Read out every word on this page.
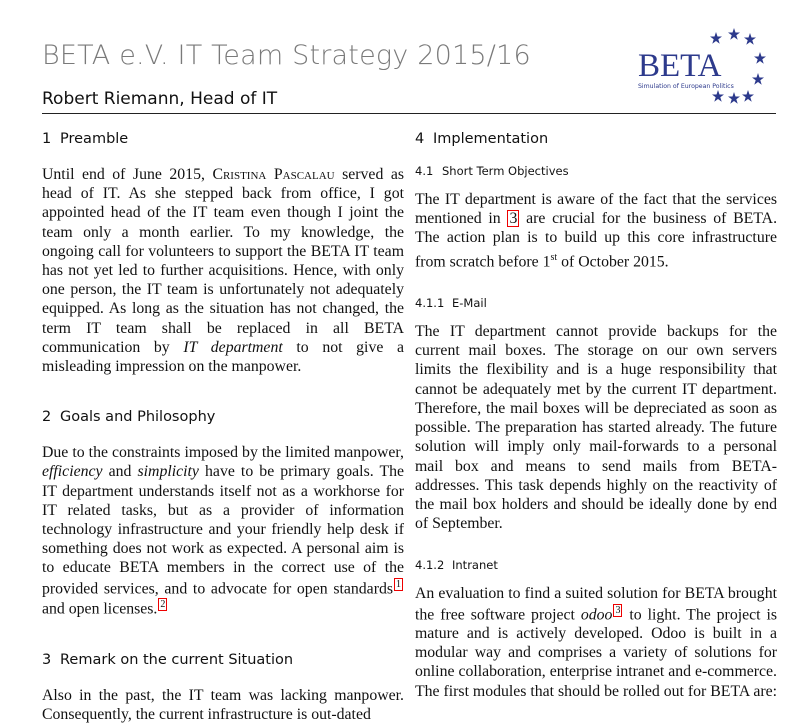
BETA e.V. IT Team Strategy 2015/16
Robert Riemann, Head of IT
BETA
Simulation of European Politics
1 Preamble

Until end of June 2015, Cristina Pascalau served as head of IT. As she stepped back from office, I got appointed head of the IT team even though I joint the team only a month earlier. To my knowledge, the ongoing call for volunteers to support the BETA IT team has not yet led to further acquisitions. Hence, with only one person, the IT team is unfortunately not adequately equipped. As long as the situation has not changed, the term IT team shall be replaced in all BETA communication by IT department to not give a misleading impression on the manpower.

2 Goals and Philosophy

Due to the constraints imposed by the limited manpower, efficiency and simplicity have to be primary goals. The IT department understands itself not as a workhorse for IT related tasks, but as a provider of information technology infrastructure and your friendly help desk if something does not work as expected. A personal aim is to educate BETA members in the correct use of the provided services, and to advocate for open standards 1 and open licenses. 2

3 Remark on the current Situation

Also in the past, the IT team was lacking manpower. Consequently, the current infrastructure is out-dated

4 Implementation
4.1 Short Term Objectives

The IT department is aware of the fact that the services mentioned in 3 are crucial for the business of BETA. The action plan is to build up this core infrastructure from scratch before 1st of October 2015.

4.1.1 E-Mail

The IT department cannot provide backups for the current mail boxes. The storage on our own servers limits the flexibility and is a huge responsibility that cannot be adequately met by the current IT department. Therefore, the mail boxes will be depreciated as soon as possible. The preparation has started already. The future solution will imply only mail-forwards to a personal mail box and means to send mails from BETA-addresses. This task depends highly on the reactivity of the mail box holders and should be ideally done by end of September.

4.1.2 Intranet

An evaluation to find a suited solution for BETA brought the free software project odoo 3 to light. The project is mature and is actively developed. Odoo is built in a modular way and comprises a variety of solutions for online collaboration, enterprise intranet and e-commerce. The first modules that should be rolled out for BETA are:
